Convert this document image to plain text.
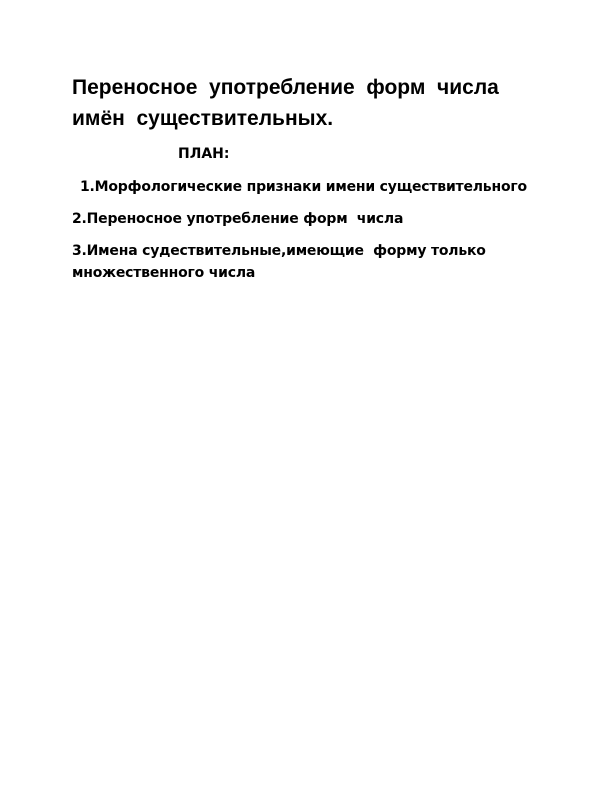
Переносное  употребление  форм  числа
имён  существительных.
ПЛАН:
1.Морфологические признаки имени существительного
2.Переносное употребление форм  числа
3.Имена судествительные,имеющие  форму только
множественного числа
